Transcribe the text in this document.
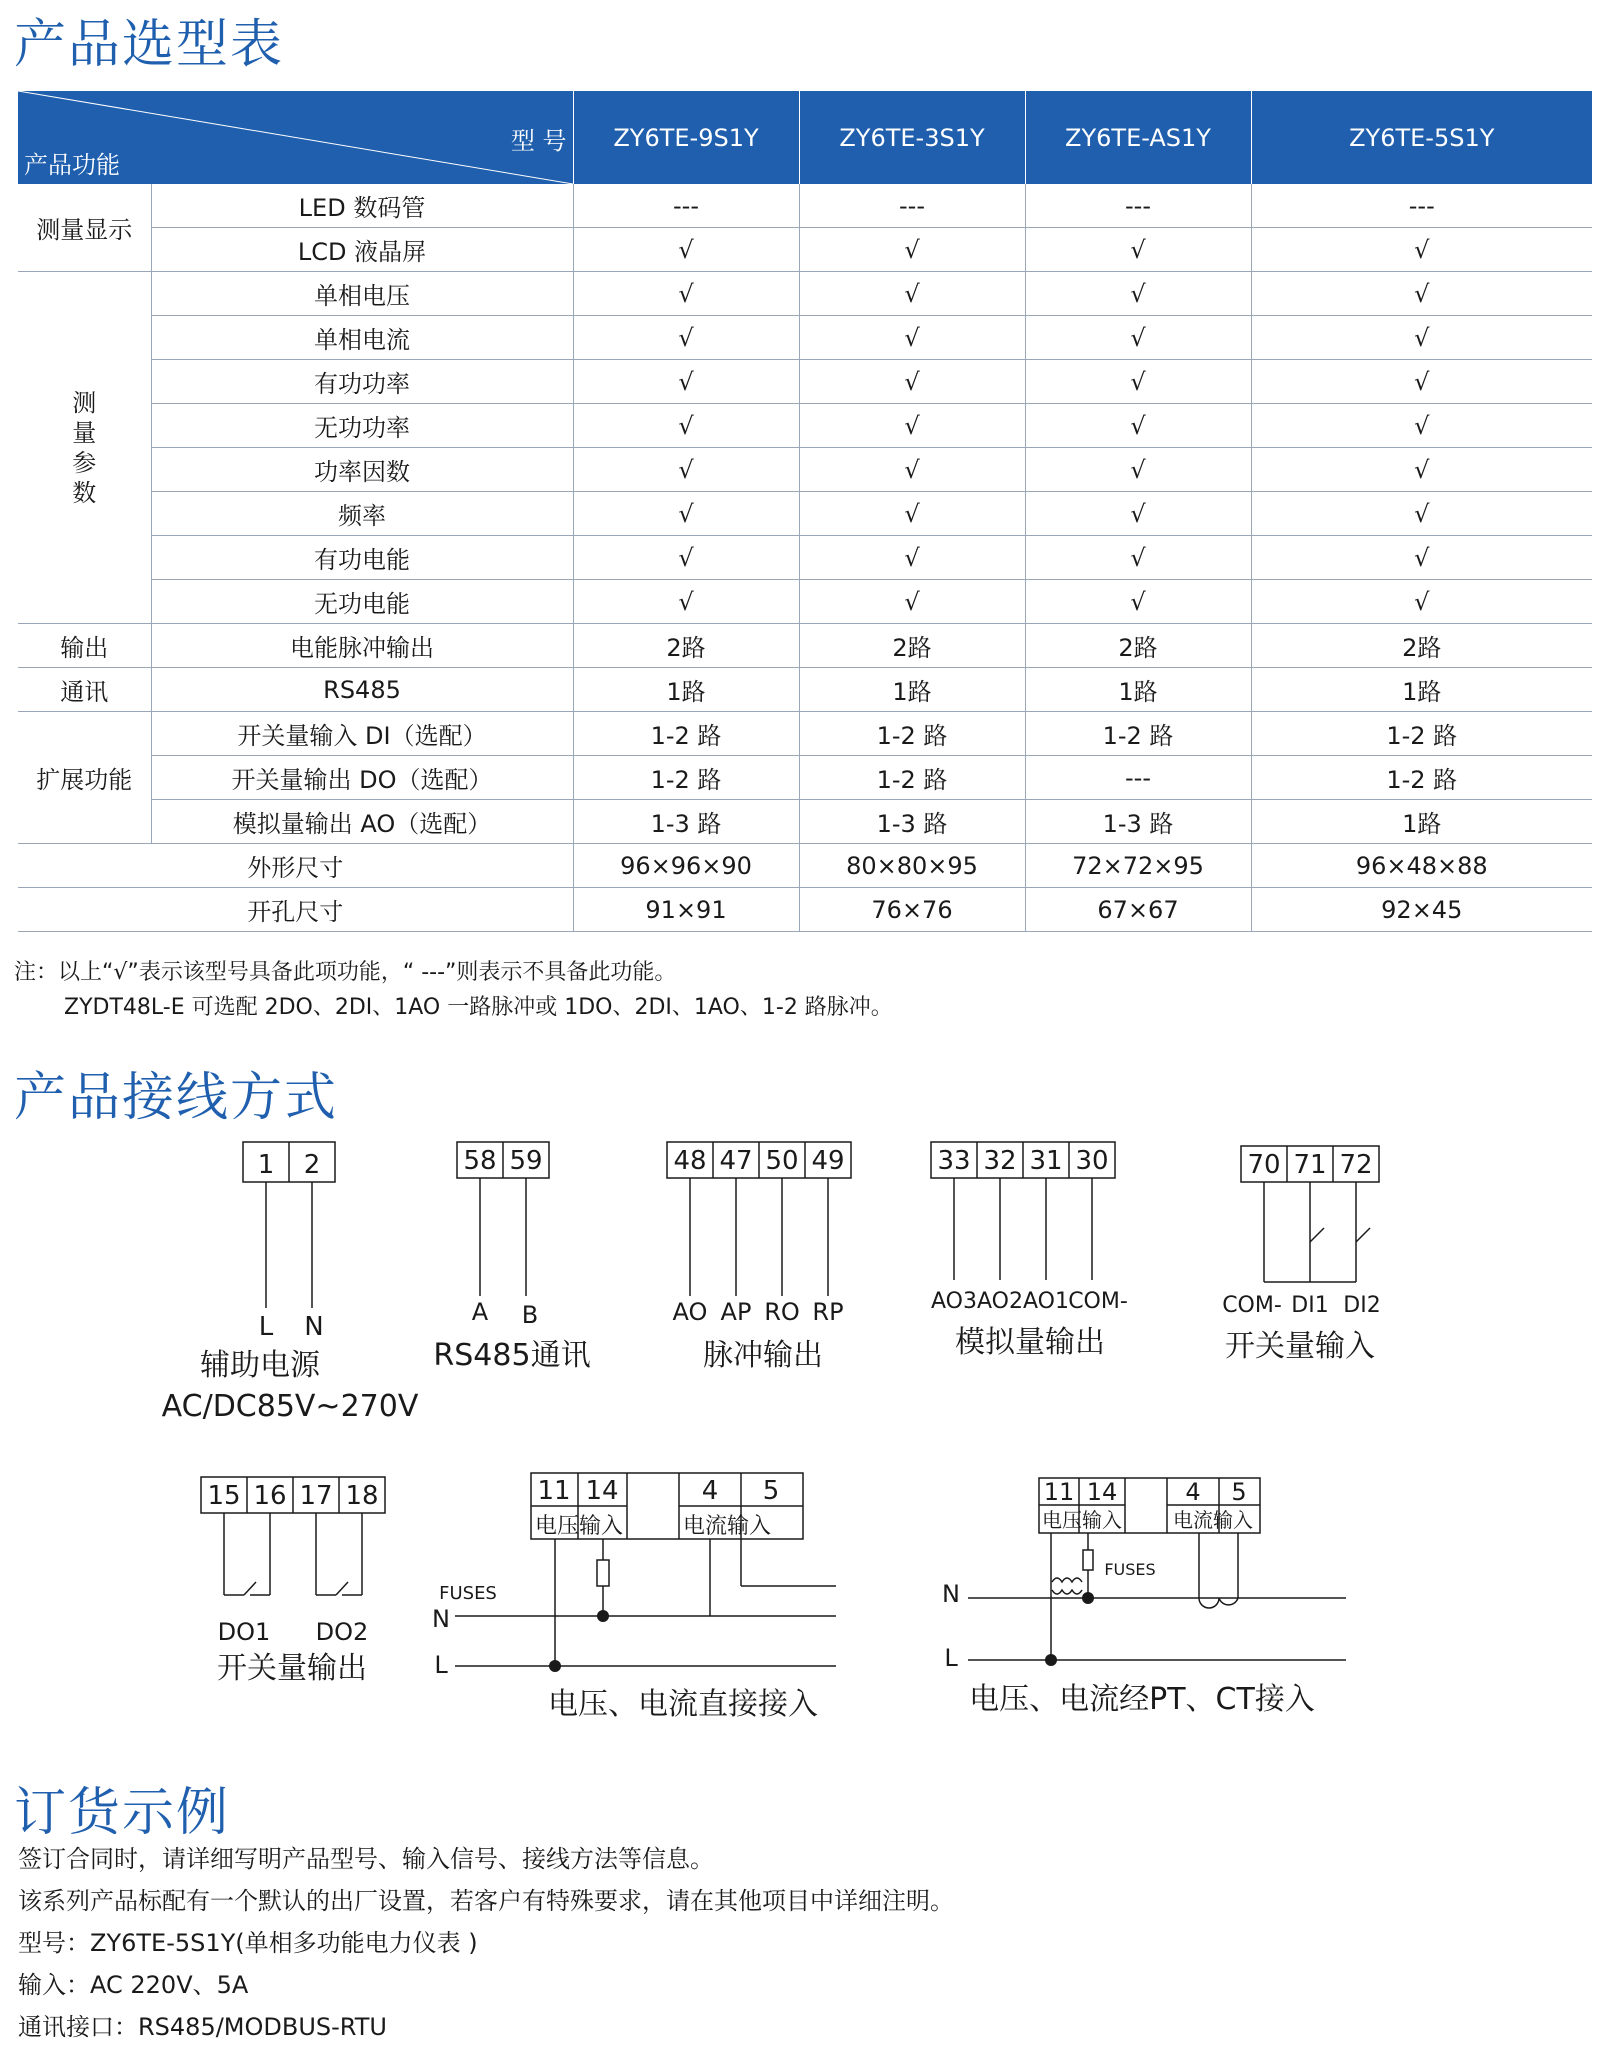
产品选型表
型 号
产品功能		ZY6TE-9S1Y	ZY6TE-3S1Y	ZY6TE-AS1Y	ZY6TE-5S1Y
测量显示	LED 数码管	---	---	---	---
	LCD 液晶屏	√	√	√	√

测量参数	单相电压	√	√	√	√
	单相电流	√	√	√	√
	有功功率	√	√	√	√
	无功功率	√	√	√	√
	功率因数	√	√	√	√
	频率	√	√	√	√
	有功电能	√	√	√	√
	无功电能	√	√	√	√
输出	电能脉冲输出	2路	2路	2路	2路
通讯	RS485	1路	1路	1路	1路
扩展功能	开关量输入 DI（选配）	1-2 路	1-2 路	1-2 路	1-2 路
	开关量输出 DO（选配）	1-2 路	1-2 路	---	1-2 路
	模拟量输出 AO（选配）	1-3 路	1-3 路	1-3 路	1路
外形尺寸		96×96×90	80×80×95	72×72×95	96×48×88
开孔尺寸		91×91	76×76	67×67	92×45
注：以上“√”表示该型号具备此项功能，“ ---”则表示不具备此功能。
ZYDT48L-E 可选配 2DO、2DI、1AO 一路脉冲或 1DO、2DI、1AO、1-2 路脉冲。
产品接线方式
1 2
L N
辅助电源
AC/DC85V~270V
58 59
A B
RS485通讯
48 47 50 49
AO AP RO RP
脉冲输出
33 32 31 30
AO3 AO2 AO1 COM-
模拟量输出
70 71 72
COM- DI1 DI2
开关量输入
15 16 17 18
DO1 DO2
开关量输出
11 14	4 5
电压输入	电流输入
FUSES
N
L
电压、电流直接接入
11 14	4 5
电压输入	电流输入
FUSES
N
L
电压、电流经PT、CT接入
订货示例
签订合同时，请详细写明产品型号、输入信号、接线方法等信息。
该系列产品标配有一个默认的出厂设置，若客户有特殊要求，请在其他项目中详细注明。
型号：ZY6TE-5S1Y(单相多功能电力仪表 )
输入：AC 220V、5A
通讯接口：RS485/MODBUS-RTU
